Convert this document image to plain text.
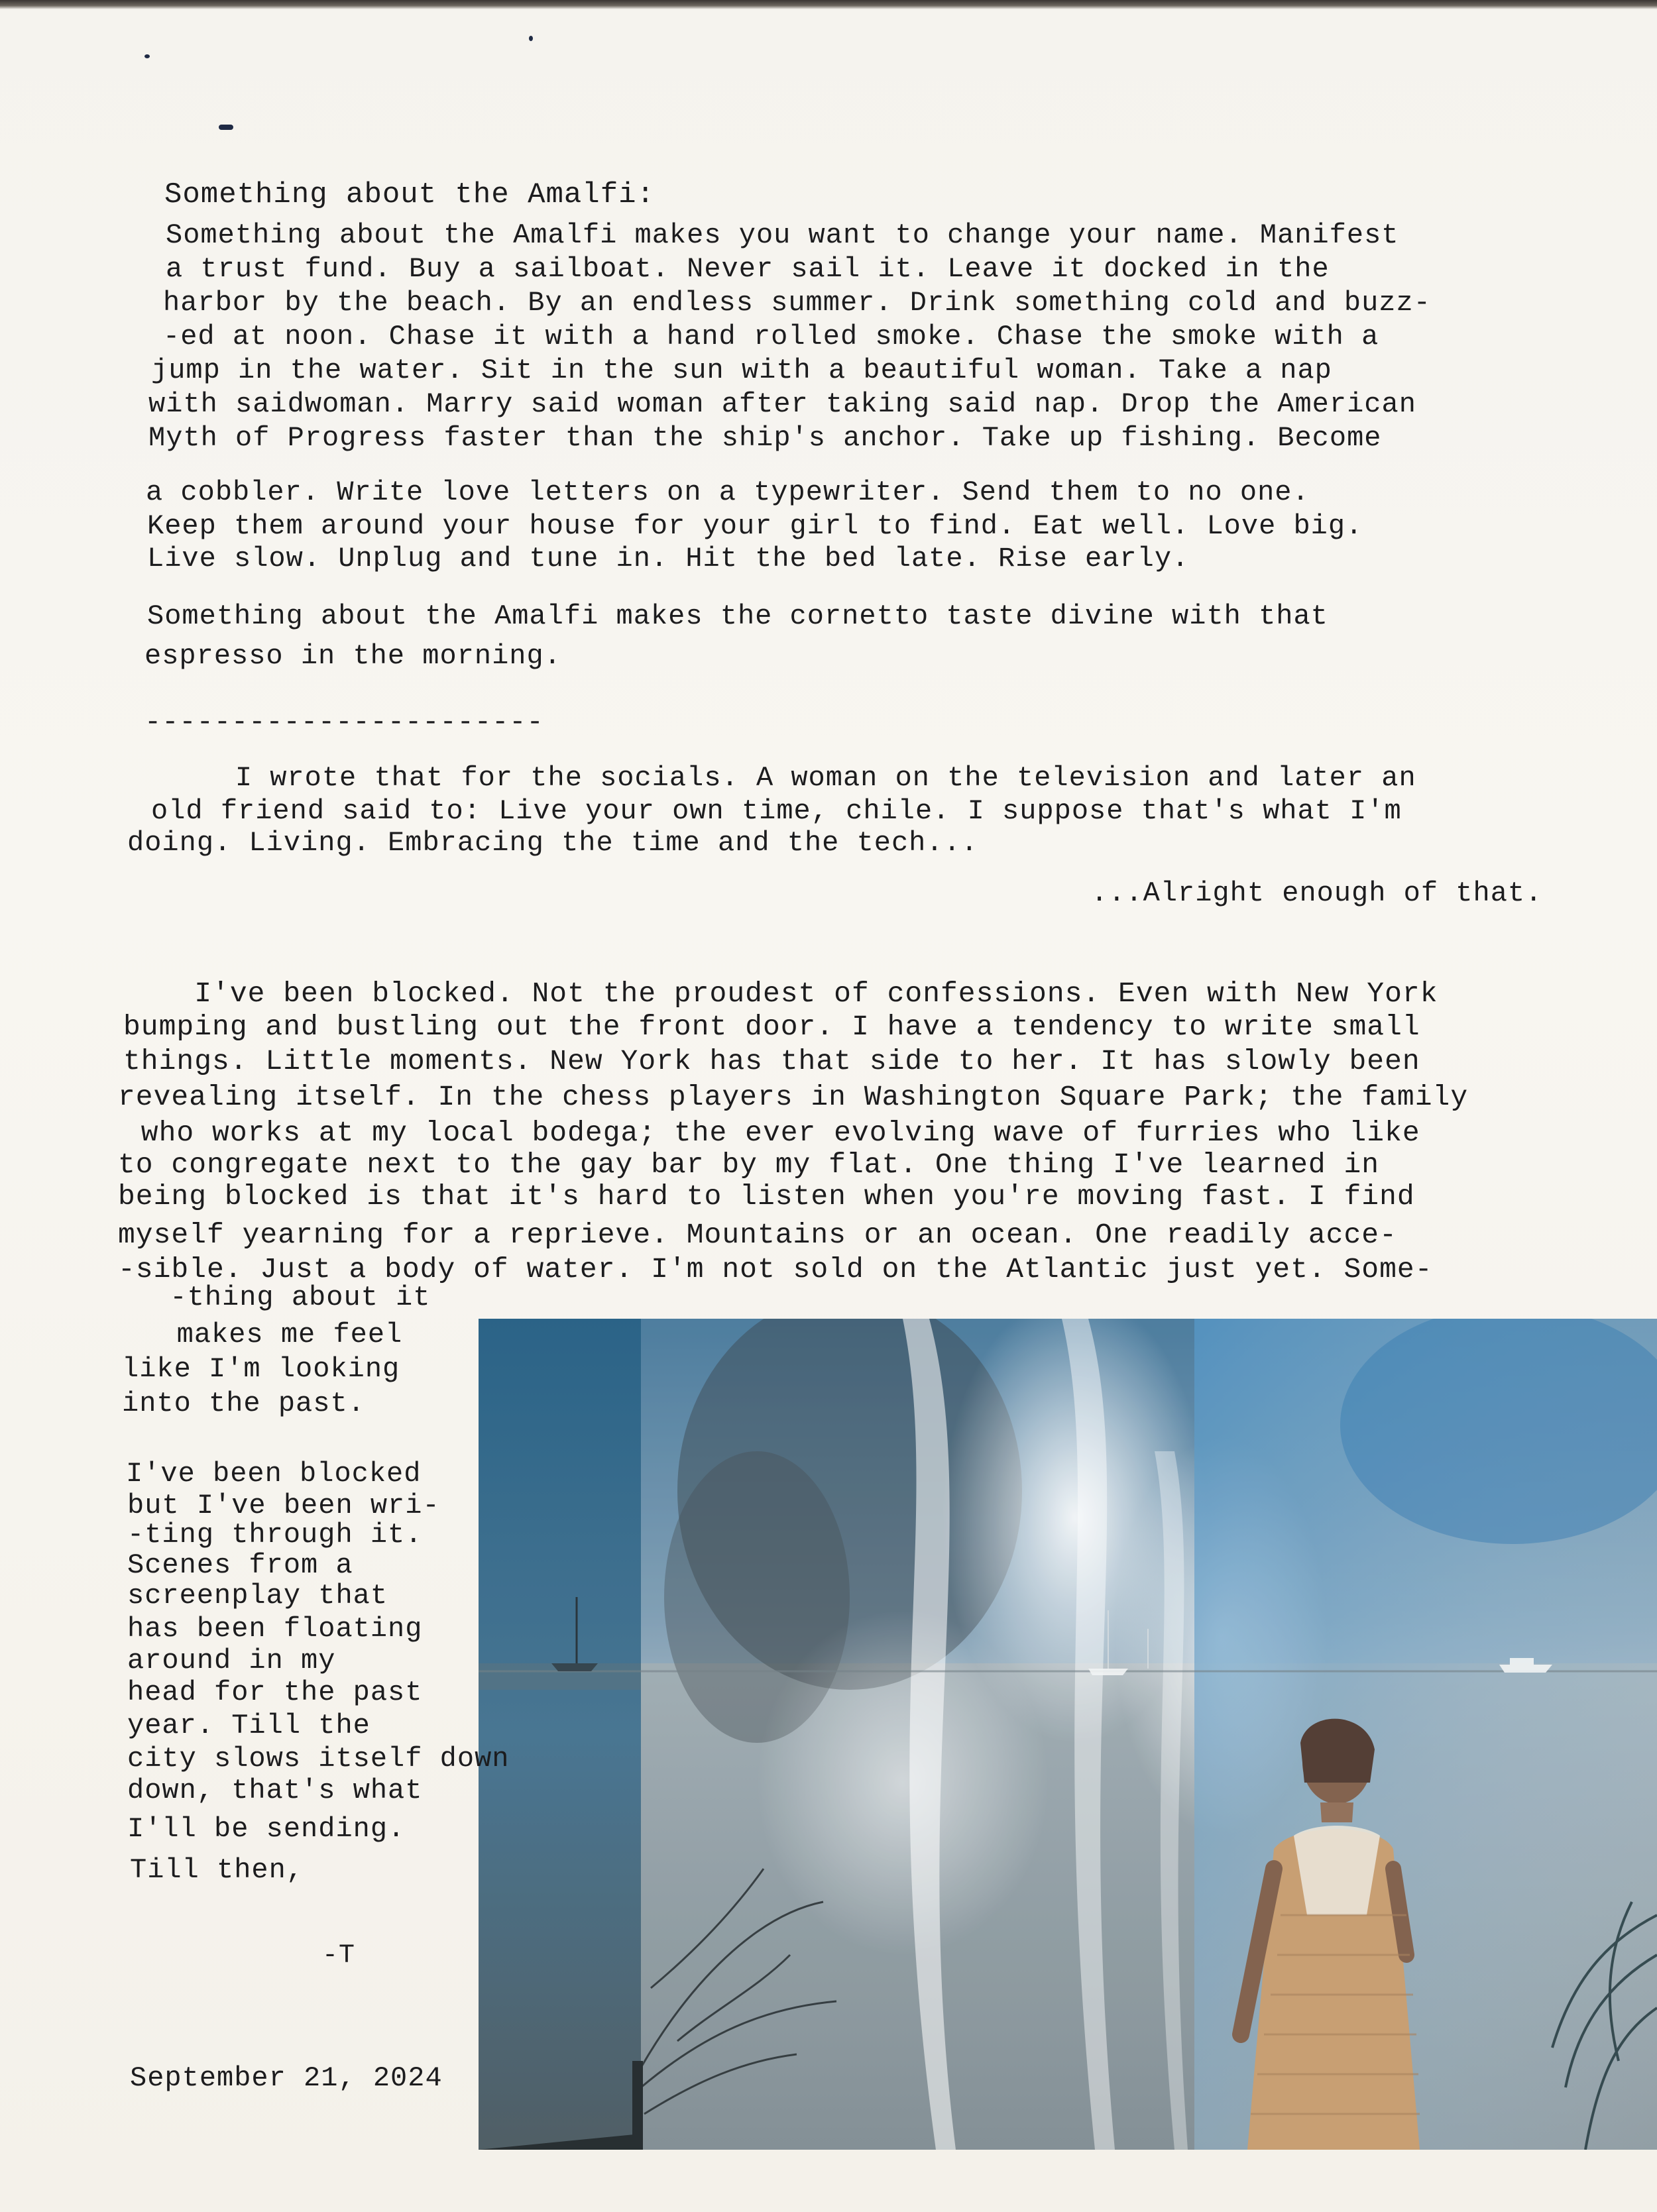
Something about the Amalfi:
Something about the Amalfi makes you want to change your name. Manifest
a trust fund. Buy a sailboat. Never sail it. Leave it docked in the
harbor by the beach. By an endless summer. Drink something cold and buzz-
-ed at noon. Chase it with a hand rolled smoke. Chase the smoke with a
jump in the water. Sit in the sun with a beautiful woman. Take a nap
with saidwoman. Marry said woman after taking said nap. Drop the American
Myth of Progress faster than the ship's anchor. Take up fishing. Become
a cobbler. Write love letters on a typewriter. Send them to no one.
Keep them around your house for your girl to find. Eat well. Love big.
Live slow. Unplug and tune in. Hit the bed late. Rise early.
Something about the Amalfi makes the cornetto taste divine with that
espresso in the morning.
-----------------------
I wrote that for the socials. A woman on the television and later an
old friend said to: Live your own time, chile. I suppose that's what I'm
doing. Living. Embracing the time and the tech...
...Alright enough of that.
I've been blocked. Not the proudest of confessions. Even with New York
bumping and bustling out the front door. I have a tendency to write small
things. Little moments. New York has that side to her. It has slowly been
revealing itself. In the chess players in Washington Square Park; the family
who works at my local bodega; the ever evolving wave of furries who like
to congregate next to the gay bar by my flat. One thing I've learned in
being blocked is that it's hard to listen when you're moving fast. I find
myself yearning for a reprieve. Mountains or an ocean. One readily acce-
-sible. Just a body of water. I'm not sold on the Atlantic just yet. Some-
-thing about it
makes me feel
like I'm looking
into the past.
I've been blocked
but I've been wri-
-ting through it.
Scenes from a
screenplay that
has been floating
around in my
head for the past
year. Till the
city slows itself down
down, that's what
I'll be sending.
Till then,
-T
September 21, 2024
